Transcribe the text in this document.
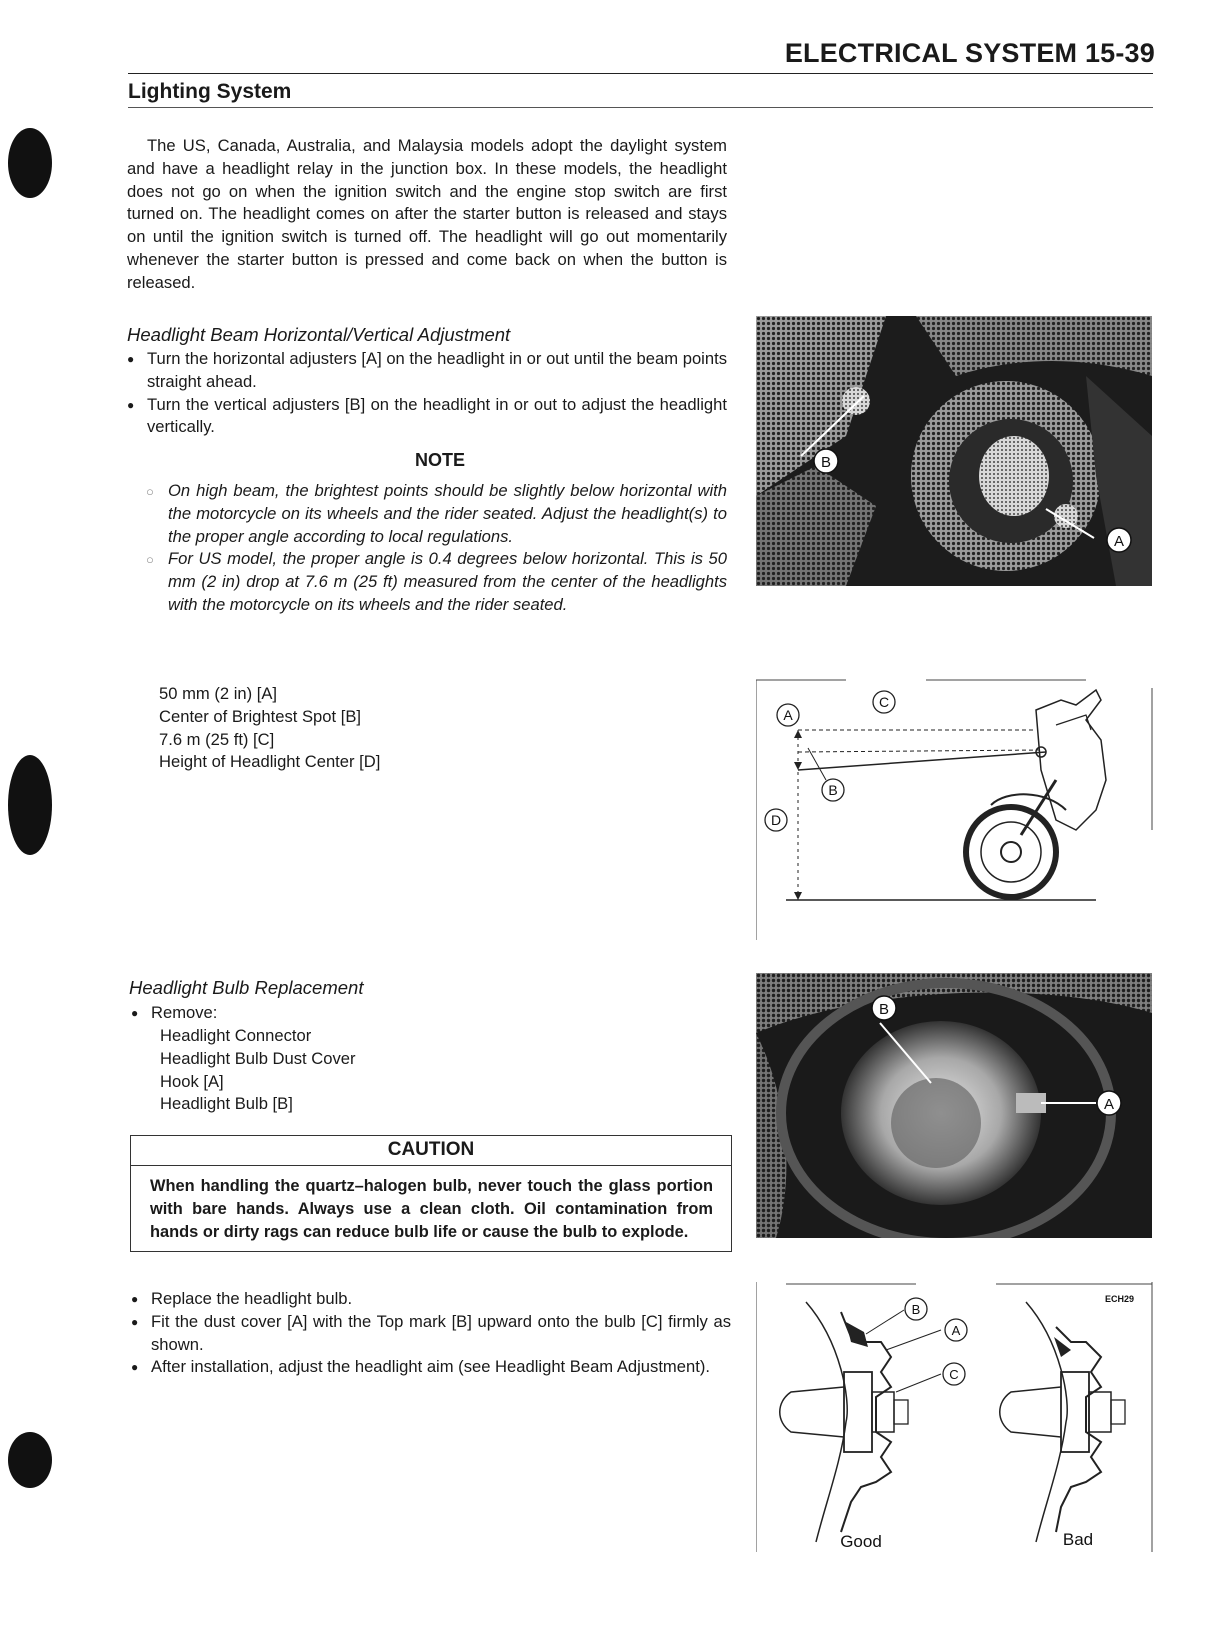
ELECTRICAL SYSTEM 15-39
Lighting System

The US, Canada, Australia, and Malaysia models adopt the daylight system and have a headlight relay in the junction box. In these models, the headlight does not go on when the ignition switch and the engine stop switch are first turned on. The headlight comes on after the starter button is released and stays on until the ignition switch is turned off. The headlight will go out momentarily whenever the starter button is pressed and come back on when the button is released.

Headlight Beam Horizontal/Vertical Adjustment
● Turn the horizontal adjusters [A] on the headlight in or out until the beam points straight ahead.
● Turn the vertical adjusters [B] on the headlight in or out to adjust the headlight vertically.
NOTE
○ On high beam, the brightest points should be slightly below horizontal with the motorcycle on its wheels and the rider seated. Adjust the headlight(s) to the proper angle according to local regulations.
○ For US model, the proper angle is 0.4 degrees below horizontal. This is 50 mm (2 in) drop at 7.6 m (25 ft) measured from the center of the headlights with the motorcycle on its wheels and the rider seated.
50 mm (2 in) [A]
Center of Brightest Spot [B]
7.6 m (25 ft) [C]
Height of Headlight Center [D]
Headlight Bulb Replacement
● Remove:
Headlight Connector
Headlight Bulb Dust Cover
Hook [A]
Headlight Bulb [B]
CAUTION
When handling the quartz–halogen bulb, never touch the glass portion with bare hands. Always use a clean cloth. Oil contamination from hands or dirty rags can reduce bulb life or cause the bulb to explode.
● Replace the headlight bulb.
● Fit the dust cover [A] with the Top mark [B] upward onto the bulb [C] firmly as shown.
● After installation, adjust the headlight aim (see Headlight Beam Adjustment).
B
A
A
C
B
D
B
A
ECH29
B
A
C
Good	Bad
